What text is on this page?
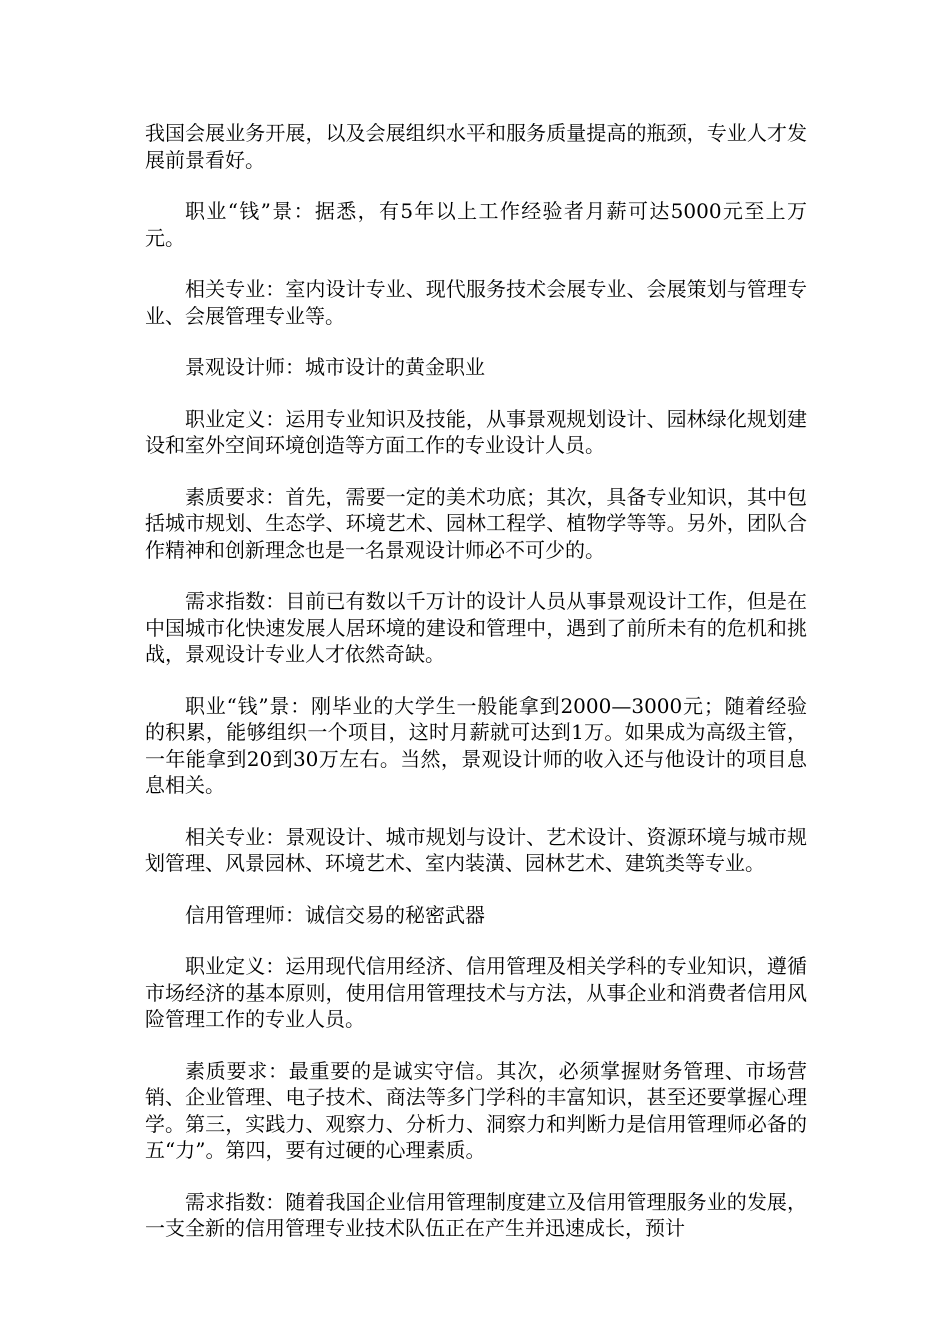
我国会展业务开展，以及会展组织水平和服务质量提高的瓶颈，专业人才发展前景看好。

职业“钱”景：据悉，有5年以上工作经验者月薪可达5000元至上万元。

相关专业：室内设计专业、现代服务技术会展专业、会展策划与管理专业、会展管理专业等。

景观设计师：城市设计的黄金职业

职业定义：运用专业知识及技能，从事景观规划设计、园林绿化规划建设和室外空间环境创造等方面工作的专业设计人员。

素质要求：首先，需要一定的美术功底；其次，具备专业知识，其中包括城市规划、生态学、环境艺术、园林工程学、植物学等等。另外，团队合作精神和创新理念也是一名景观设计师必不可少的。

需求指数：目前已有数以千万计的设计人员从事景观设计工作，但是在中国城市化快速发展人居环境的建设和管理中，遇到了前所未有的危机和挑战，景观设计专业人才依然奇缺。

职业“钱”景：刚毕业的大学生一般能拿到2000—3000元；随着经验的积累，能够组织一个项目，这时月薪就可达到1万。如果成为高级主管，一年能拿到20到30万左右。当然，景观设计师的收入还与他设计的项目息息相关。

相关专业：景观设计、城市规划与设计、艺术设计、资源环境与城市规划管理、风景园林、环境艺术、室内装潢、园林艺术、建筑类等专业。

信用管理师：诚信交易的秘密武器

职业定义：运用现代信用经济、信用管理及相关学科的专业知识，遵循市场经济的基本原则，使用信用管理技术与方法，从事企业和消费者信用风险管理工作的专业人员。

素质要求：最重要的是诚实守信。其次，必须掌握财务管理、市场营销、企业管理、电子技术、商法等多门学科的丰富知识，甚至还要掌握心理学。第三，实践力、观察力、分析力、洞察力和判断力是信用管理师必备的五“力”。第四，要有过硬的心理素质。

需求指数：随着我国企业信用管理制度建立及信用管理服务业的发展，一支全新的信用管理专业技术队伍正在产生并迅速成长，预计
